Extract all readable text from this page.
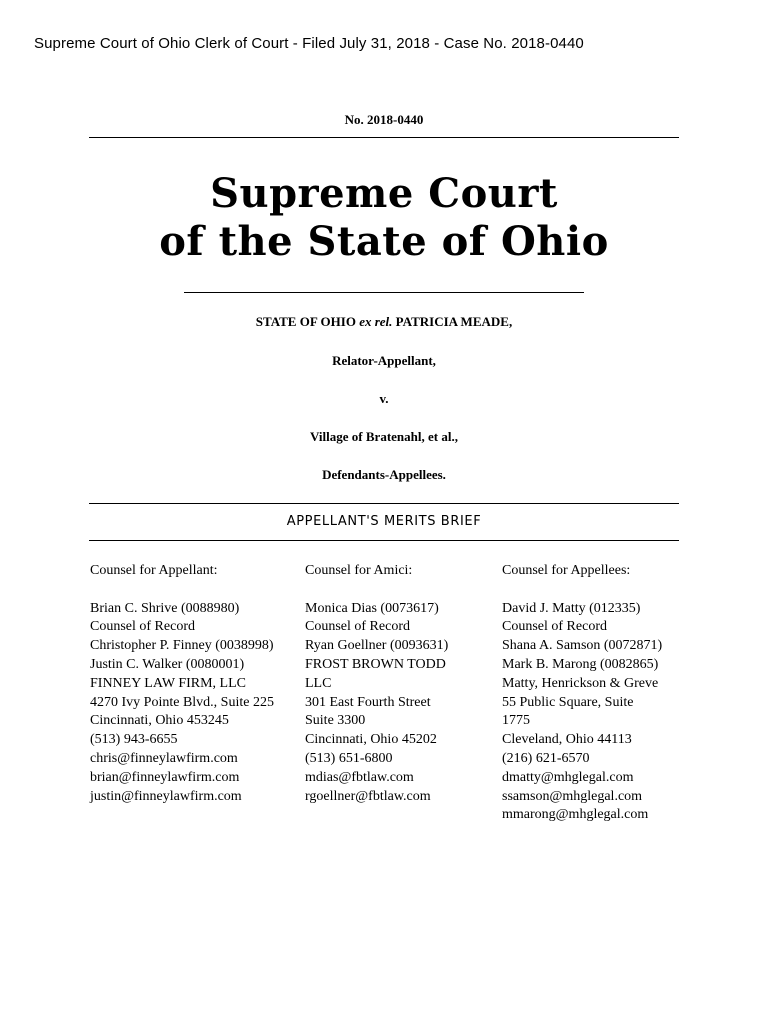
Supreme Court of Ohio Clerk of Court - Filed July 31, 2018 - Case No. 2018-0440
No. 2018-0440
Supreme Court
of the State of Ohio
STATE OF OHIO ex rel. PATRICIA MEADE,
Relator-Appellant,
v.
Village of Bratenahl, et al.,
Defendants-Appellees.
APPELLANT'S MERITS BRIEF
Counsel for Appellant:
Brian C. Shrive (0088980)
Counsel of Record
Christopher P. Finney (0038998)
Justin C. Walker (0080001)
FINNEY LAW FIRM, LLC
4270 Ivy Pointe Blvd., Suite 225
Cincinnati, Ohio 453245
(513) 943-6655
chris@finneylawfirm.com
brian@finneylawfirm.com
justin@finneylawfirm.com
Counsel for Amici:
Monica Dias (0073617)
Counsel of Record
Ryan Goellner (0093631)
FROST BROWN TODD
LLC
301 East Fourth Street
Suite 3300
Cincinnati, Ohio 45202
(513) 651-6800
mdias@fbtlaw.com
rgoellner@fbtlaw.com
Counsel for Appellees:
David J. Matty (012335)
Counsel of Record
Shana A. Samson (0072871)
Mark B. Marong (0082865)
Matty, Henrickson & Greve
55 Public Square, Suite
1775
Cleveland, Ohio 44113
(216) 621-6570
dmatty@mhglegal.com
ssamson@mhglegal.com
mmarong@mhglegal.com
